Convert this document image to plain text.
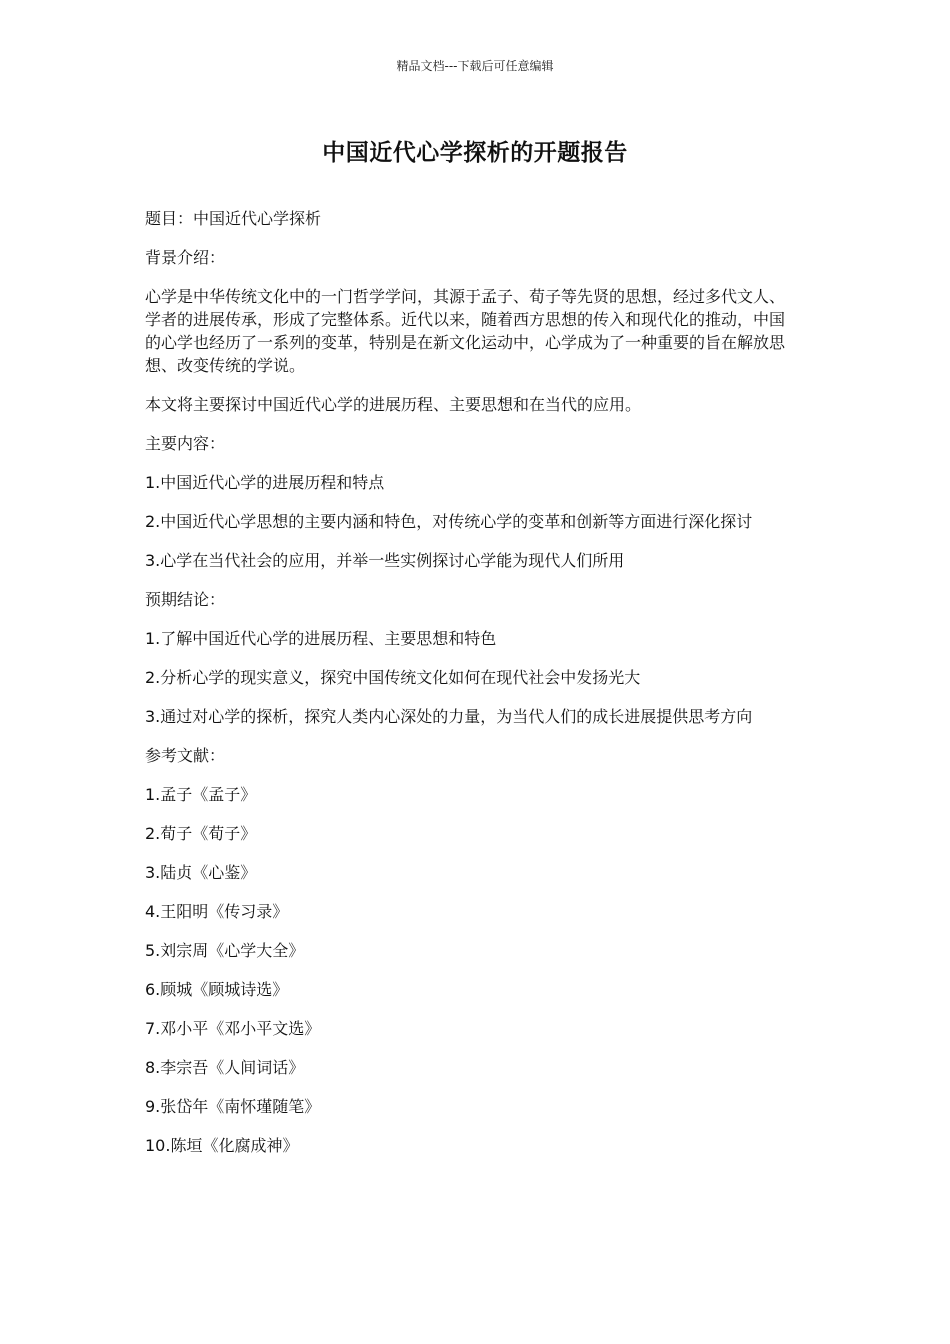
精品文档---下载后可任意编辑
中国近代心学探析的开题报告

题目：中国近代心学探析

背景介绍：

心学是中华传统文化中的一门哲学学问，其源于孟子、荀子等先贤的思想，经过多代文人、学者的进展传承，形成了完整体系。近代以来，随着西方思想的传入和现代化的推动，中国的心学也经历了一系列的变革，特别是在新文化运动中，心学成为了一种重要的旨在解放思想、改变传统的学说。

本文将主要探讨中国近代心学的进展历程、主要思想和在当代的应用。

主要内容：

1.中国近代心学的进展历程和特点

2.中国近代心学思想的主要内涵和特色，对传统心学的变革和创新等方面进行深化探讨

3.心学在当代社会的应用，并举一些实例探讨心学能为现代人们所用

预期结论：

1.了解中国近代心学的进展历程、主要思想和特色

2.分析心学的现实意义，探究中国传统文化如何在现代社会中发扬光大

3.通过对心学的探析，探究人类内心深处的力量，为当代人们的成长进展提供思考方向

参考文献：

1.孟子《孟子》

2.荀子《荀子》

3.陆贞《心鉴》

4.王阳明《传习录》

5.刘宗周《心学大全》

6.顾城《顾城诗选》

7.邓小平《邓小平文选》

8.李宗吾《人间词话》

9.张岱年《南怀瑾随笔》

10.陈垣《化腐成神》
